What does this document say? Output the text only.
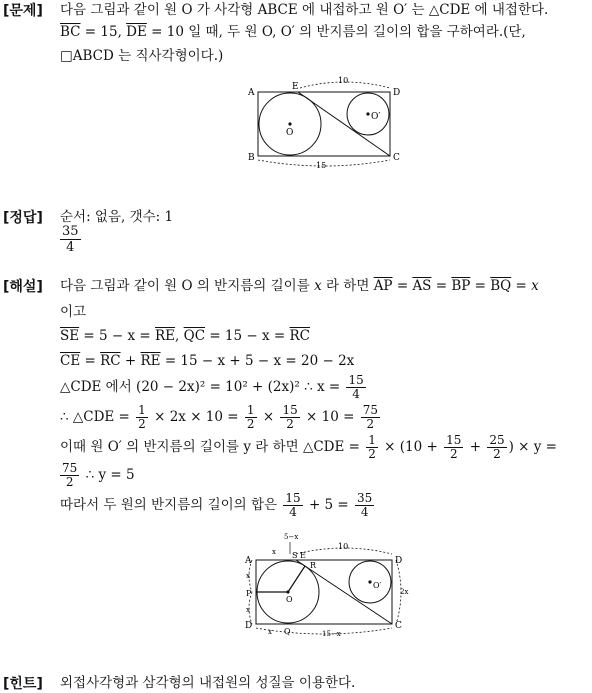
[문제] 다음 그림과 같이 원 O 가 사각형 ABCE 에 내접하고 원 O′ 는 △CDE 에 내접한다.
$\overline{BC} = 15$, $\overline{DE} = 10$ 일 때, 두 원 O, O′ 의 반지름의 길이의 합을 구하여라.(단,
□ABCD 는 직사각형이다.)
A
B	C
D
E
O
O′
10
15
[정답] 순서: 없음, 갯수: 1
$\frac{35}{4}$
[해설] 다음 그림과 같이 원 O 의 반지름의 길이를 x 라 하면 $\overline{AP} = \overline{AS} = \overline{BP} = \overline{BQ} = x$
이고
$\overline{SE} = 5 - x = \overline{RE}$, $\overline{QC} = 15 - x = \overline{RC}$
$\overline{CE} = \overline{RC} + \overline{RE} = 15 - x + 5 - x = 20 - 2x$
△CDE 에서 (20 − 2x)² = 10² + (2x)² ∴ $x = \frac{15}{4}$
∴ △CDE = $\frac{1}{2} \times 2x \times 10 = \frac{1}{2} \times \frac{15}{2} \times 10 = \frac{75}{2}$
이때 원 O′ 의 반지름의 길이를 y 라 하면 △CDE = $\frac{1}{2} \times (10 + \frac{15}{2} + \frac{25}{2}$ ) × y =
$\frac{75}{2}$ ∴ y = 5
따라서 두 원의 반지름의 길이의 합은 $\frac{15}{4} + 5 = \frac{35}{4}$
5−x
10
15−x
A
D	C
D
S E
R
P
Q
O
O′
x
x
x
x
2x
[힌트] 외접사각형과 삼각형의 내접원의 성질을 이용한다.
